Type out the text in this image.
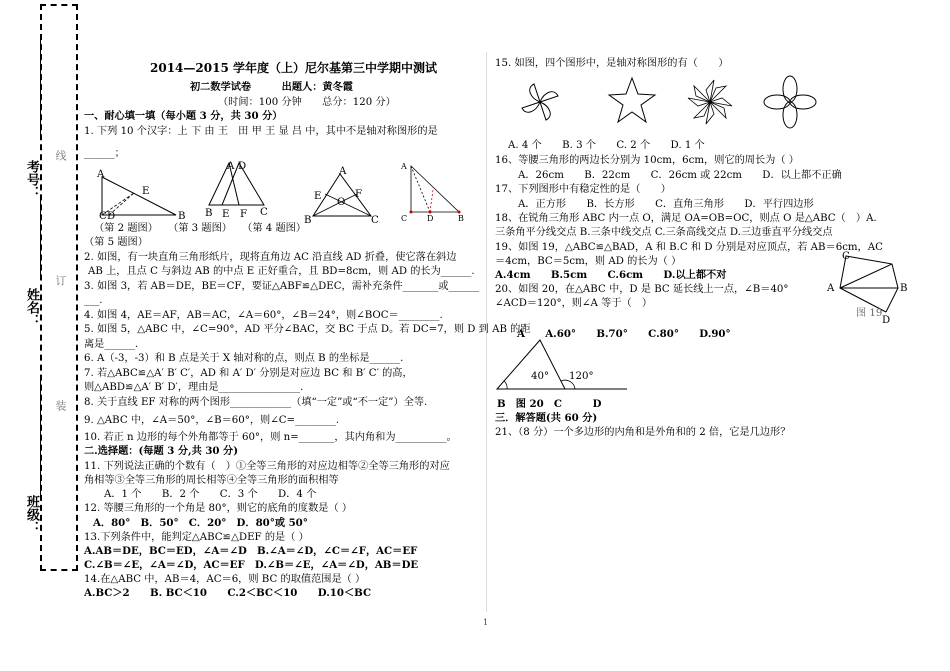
考号：
姓名：
班级：
线
订
装
2014—2015 学年度（上）尼尔基第三中学期中测试
初二数学试卷　　　出题人：黄冬霞
（时间：100 分钟　　总分：120 分）
一、耐心填一填（每小题 3 分，共 30 分）
1. 下列 10 个汉字：上 下 由 王　田 甲 王 显 吕 中，其中不是轴对称图形的是
______；
A
E
C D	B
A D
B E F C
A
E	F
O
B	C
A
C D	B
（第 2 题图）　　（第 3 题图）　　（第 4 题图）
（第 5 题图）
2. 如图，有一块直角三角形纸片，现将直角边 AC 沿直线 AD 折叠，使它落在斜边
AB 上，且点 C 与斜边 AB 的中点 E 正好重合，且 BD=8cm，则 AD 的长为______.
3. 如图 3，若 AB＝DE，BE＝CF，要证△ABF≌△DEC，需补充条件_______或______
___.
4. 如图 4，AE＝AF，AB＝AC，∠A＝60°，∠B＝24°，则∠BOC＝________.
5. 如图 5，△ABC 中，∠C=90°，AD 平分∠BAC，交 BC 于点 D。若 DC=7，则 D 到 AB 的距
离是______.
6. A（-3，-3）和 B 点是关于 X 轴对称的点，则点 B 的坐标是______.
7. 若△ABC≌△A′ B′ C′，AD 和 A′ D′ 分别是对应边 BC 和 B′ C′ 的高，
则△ABD≌△A′ B′ D′，理由是________________.
8. 关于直线 EF 对称的两个图形____________（填“一定”或“不一定”）全等.
9. △ABC 中，∠A＝50°，∠B＝60°，则∠C=________.
10. 若正 n 边形的每个外角都等于 60°，则 n=_______，其内角和为__________。
二.选择题：(每题 3 分,共 30 分)
11. 下列说法正确的个数有（　）①全等三角形的对应边相等②全等三角形的对应
角相等③全等三角形的周长相等④全等三角形的面积相等
A．1 个　　B．2 个　　C．3 个　　D．4 个
12. 等腰三角形的一个角是 80°，则它的底角的度数是（ ）
A．80°　B．50°　C．20°　D．80°或 50°
13.下列条件中，能判定△ABC≌△DEF 的是（ ）
A.AB＝DE，BC＝ED，∠A＝∠D　B.∠A＝∠D，∠C＝∠F，AC＝EF
C.∠B＝∠E，∠A＝∠D，AC＝EF　D.∠B＝∠E，∠A＝∠D，AB＝DE
14.在△ABC 中，AB＝4，AC＝6，则 BC 的取值范围是（ ）
A.BC＞2　　B. BC＜10　　C.2＜BC＜10　　D.10＜BC
15. 如图，四个图形中，是轴对称图形的有（　　）
A. 4 个　　B. 3 个　　C. 2 个　　D. 1 个
16、等腰三角形的两边长分别为 10cm，6cm，则它的周长为（ ）
A．26cm　　B．22cm　　C．26cm 或 22cm　　D．以上都不正确
17、下列图形中有稳定性的是（　　）
A．正方形　　B．长方形　　C．直角三角形　　D．平行四边形
18、在锐角三角形 ABC 内一点 O，满足 OA=OB=OC，则点 O 是△ABC（　）A.
三条角平分线交点 B.三条中线交点 C.三条高线交点 D.三边垂直平分线交点
19、如图 19，△ABC≌△BAD，A 和 B.C 和 D 分别是对应顶点，若 AB＝6cm，AC
＝4cm，BC＝5cm，则 AD 的长为（ ）
A.4cm　　B.5cm　　C.6cm　　D.以上都不对
20、如图 20，在△ABC 中，D 是 BC 延长线上一点，∠B＝40°
∠ACD＝120°，则∠A 等于（　）
C
D
A	B
图 19
A　　A.60°　　B.70°　　C.80°　　D.90°
40° 120°
B　图 20　C　　　D
三．解答题(共 60 分)
21、（8 分）一个多边形的内角和是外角和的 2 倍，它是几边形？
1
